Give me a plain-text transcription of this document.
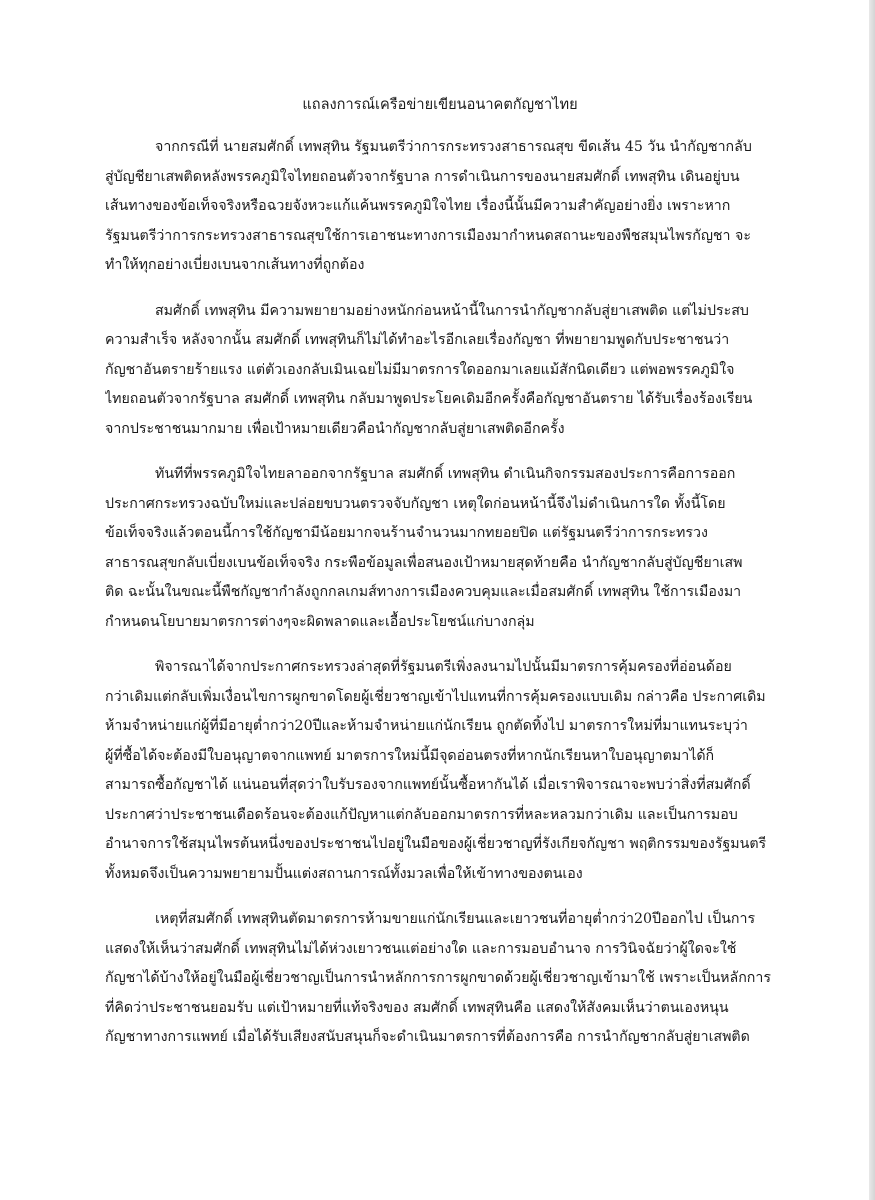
แถลงการณ์เครือข่ายเขียนอนาคตกัญชาไทย
จากกรณีที่ นายสมศักดิ์ เทพสุทิน รัฐมนตรีว่าการกระทรวงสาธารณสุข ขีดเส้น 45 วัน นำกัญชากลับ
สู่บัญชียาเสพติดหลังพรรคภูมิใจไทยถอนตัวจากรัฐบาล การดำเนินการของนายสมศักดิ์ เทพสุทิน เดินอยู่บน
เส้นทางของข้อเท็จจริงหรือฉวยจังหวะแก้แค้นพรรคภูมิใจไทย เรื่องนี้นั้นมีความสำคัญอย่างยิ่ง เพราะหาก
รัฐมนตรีว่าการกระทรวงสาธารณสุขใช้การเอาชนะทางการเมืองมากำหนดสถานะของพืชสมุนไพรกัญชา จะ
ทำให้ทุกอย่างเบี่ยงเบนจากเส้นทางที่ถูกต้อง
สมศักดิ์ เทพสุทิน มีความพยายามอย่างหนักก่อนหน้านี้ในการนำกัญชากลับสู่ยาเสพติด แต่ไม่ประสบ
ความสำเร็จ หลังจากนั้น สมศักดิ์ เทพสุทินก็ไม่ได้ทำอะไรอีกเลยเรื่องกัญชา ที่พยายามพูดกับประชาชนว่า
กัญชาอันตรายร้ายแรง แต่ตัวเองกลับเมินเฉยไม่มีมาตรการใดออกมาเลยแม้สักนิดเดียว แต่พอพรรคภูมิใจ
ไทยถอนตัวจากรัฐบาล สมศักดิ์ เทพสุทิน กลับมาพูดประโยคเดิมอีกครั้งคือกัญชาอันตราย ได้รับเรื่องร้องเรียน
จากประชาชนมากมาย เพื่อเป้าหมายเดียวคือนำกัญชากลับสู่ยาเสพติดอีกครั้ง
ทันทีที่พรรคภูมิใจไทยลาออกจากรัฐบาล สมศักดิ์ เทพสุทิน ดำเนินกิจกรรมสองประการคือการออก
ประกาศกระทรวงฉบับใหม่และปล่อยขบวนตรวจจับกัญชา เหตุใดก่อนหน้านี้จึงไม่ดำเนินการใด ทั้งนี้โดย
ข้อเท็จจริงแล้วตอนนี้การใช้กัญชามีน้อยมากจนร้านจำนวนมากทยอยปิด แต่รัฐมนตรีว่าการกระทรวง
สาธารณสุขกลับเบี่ยงเบนข้อเท็จจริง กระพือข้อมูลเพื่อสนองเป้าหมายสุดท้ายคือ นำกัญชากลับสู่บัญชียาเสพ
ติด ฉะนั้นในขณะนี้พืชกัญชากำลังถูกกลเกมส์ทางการเมืองควบคุมและเมื่อสมศักดิ์ เทพสุทิน ใช้การเมืองมา
กำหนดนโยบายมาตรการต่างๆจะผิดพลาดและเอื้อประโยชน์แก่บางกลุ่ม
พิจารณาได้จากประกาศกระทรวงล่าสุดที่รัฐมนตรีเพิ่งลงนามไปนั้นมีมาตรการคุ้มครองที่อ่อนด้อย
กว่าเดิมแต่กลับเพิ่มเงื่อนไขการผูกขาดโดยผู้เชี่ยวชาญเข้าไปแทนที่การคุ้มครองแบบเดิม กล่าวคือ ประกาศเดิม
ห้ามจำหน่ายแก่ผู้ที่มีอายุต่ำกว่า20ปีและห้ามจำหน่ายแก่นักเรียน ถูกตัดทิ้งไป มาตรการใหม่ที่มาแทนระบุว่า
ผู้ที่ซื้อได้จะต้องมีใบอนุญาตจากแพทย์ มาตรการใหม่นี้มีจุดอ่อนตรงที่หากนักเรียนหาใบอนุญาตมาได้ก็
สามารถซื้อกัญชาได้ แน่นอนที่สุดว่าใบรับรองจากแพทย์นั้นซื้อหากันได้ เมื่อเราพิจารณาจะพบว่าสิ่งที่สมศักดิ์
ประกาศว่าประชาชนเดือดร้อนจะต้องแก้ปัญหาแต่กลับออกมาตรการที่หละหลวมกว่าเดิม และเป็นการมอบ
อำนาจการใช้สมุนไพรต้นหนึ่งของประชาชนไปอยู่ในมือของผู้เชี่ยวชาญที่รังเกียจกัญชา พฤติกรรมของรัฐมนตรี
ทั้งหมดจึงเป็นความพยายามปั้นแต่งสถานการณ์ทั้งมวลเพื่อให้เข้าทางของตนเอง
เหตุที่สมศักดิ์ เทพสุทินตัดมาตรการห้ามขายแก่นักเรียนและเยาวชนที่อายุต่ำกว่า20ปีออกไป เป็นการ
แสดงให้เห็นว่าสมศักดิ์ เทพสุทินไม่ได้ห่วงเยาวชนแต่อย่างใด และการมอบอำนาจ การวินิจฉัยว่าผู้ใดจะใช้
กัญชาได้บ้างให้อยู่ในมือผู้เชี่ยวชาญเป็นการนำหลักการการผูกขาดด้วยผู้เชี่ยวชาญเข้ามาใช้ เพราะเป็นหลักการ
ที่คิดว่าประชาชนยอมรับ แต่เป้าหมายที่แท้จริงของ สมศักดิ์ เทพสุทินคือ แสดงให้สังคมเห็นว่าตนเองหนุน
กัญชาทางการแพทย์ เมื่อได้รับเสียงสนับสนุนก็จะดำเนินมาตรการที่ต้องการคือ การนำกัญชากลับสู่ยาเสพติด
